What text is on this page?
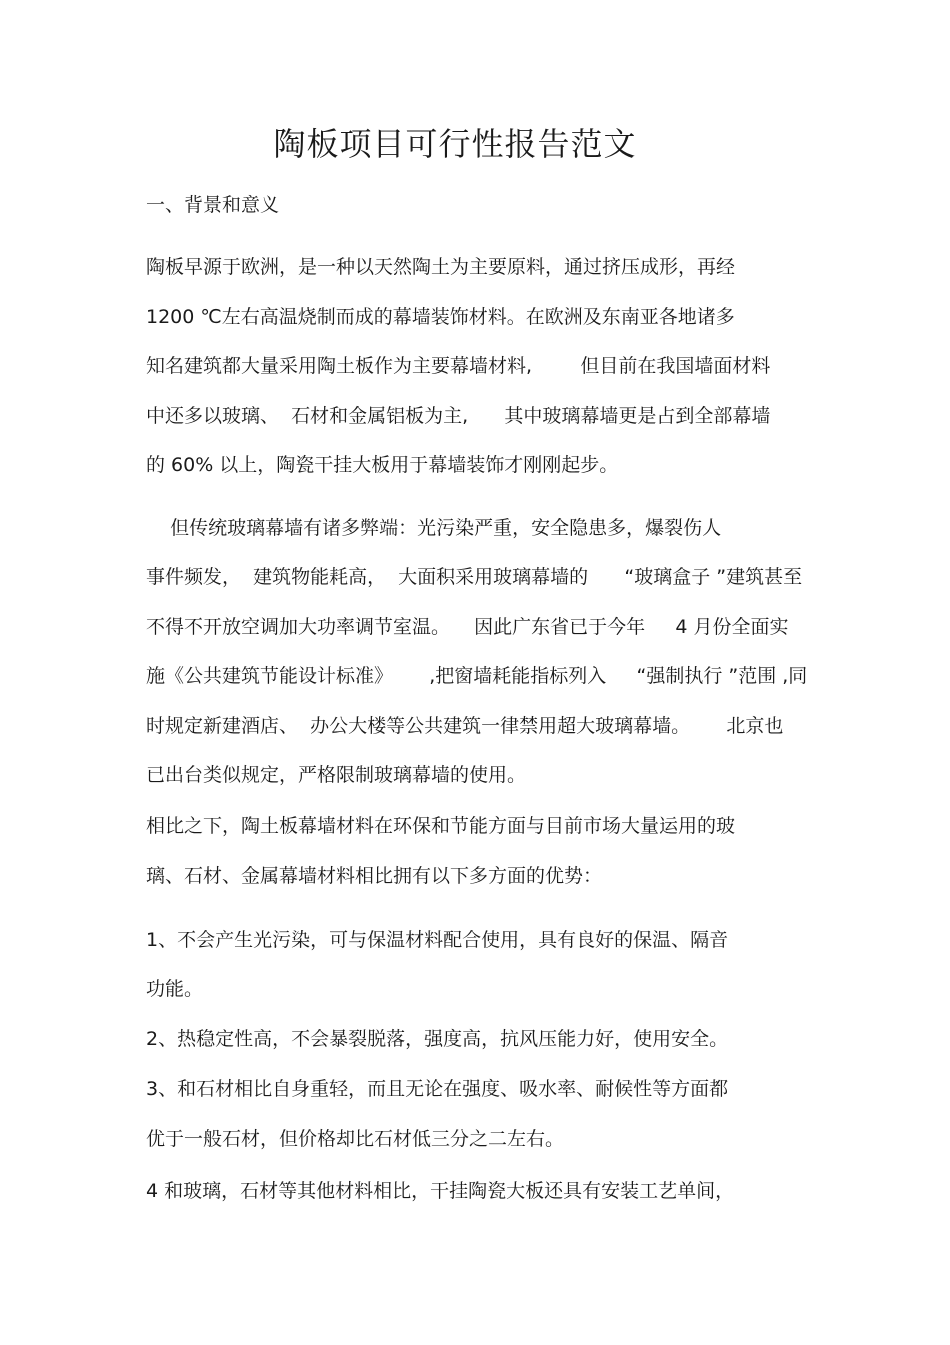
陶板项目可行性报告范文
一、背景和意义
陶板早源于欧洲，是一种以天然陶土为主要原料，通过挤压成形，再经
1200 ℃左右高温烧制而成的幕墙装饰材料。在欧洲及东南亚各地诸多
知名建筑都大量采用陶土板作为主要幕墙材料,        但目前在我国墙面材料
中还多以玻璃、  石材和金属铝板为主,      其中玻璃幕墙更是占到全部幕墙
的 60% 以上，陶瓷干挂大板用于幕墙装饰才刚刚起步。
但传统玻璃幕墙有诸多弊端：光污染严重，安全隐患多，爆裂伤人
事件频发，  建筑物能耗高，  大面积采用玻璃幕墙的      “玻璃盒子 ”建筑甚至
不得不开放空调加大功率调节室温。    因此广东省已于今年     4 月份全面实
施《公共建筑节能设计标准》      ,把窗墙耗能指标列入     “强制执行 ”范围 ,同
时规定新建酒店、  办公大楼等公共建筑一律禁用超大玻璃幕墙。      北京也
已出台类似规定，严格限制玻璃幕墙的使用。
相比之下，陶土板幕墙材料在环保和节能方面与目前市场大量运用的玻
璃、石材、金属幕墙材料相比拥有以下多方面的优势：
1、不会产生光污染，可与保温材料配合使用，具有良好的保温、隔音
功能。
2、热稳定性高，不会暴裂脱落，强度高，抗风压能力好，使用安全。
3、和石材相比自身重轻，而且无论在强度、吸水率、耐候性等方面都
优于一般石材，但价格却比石材低三分之二左右。
4 和玻璃，石材等其他材料相比，干挂陶瓷大板还具有安装工艺单间，
